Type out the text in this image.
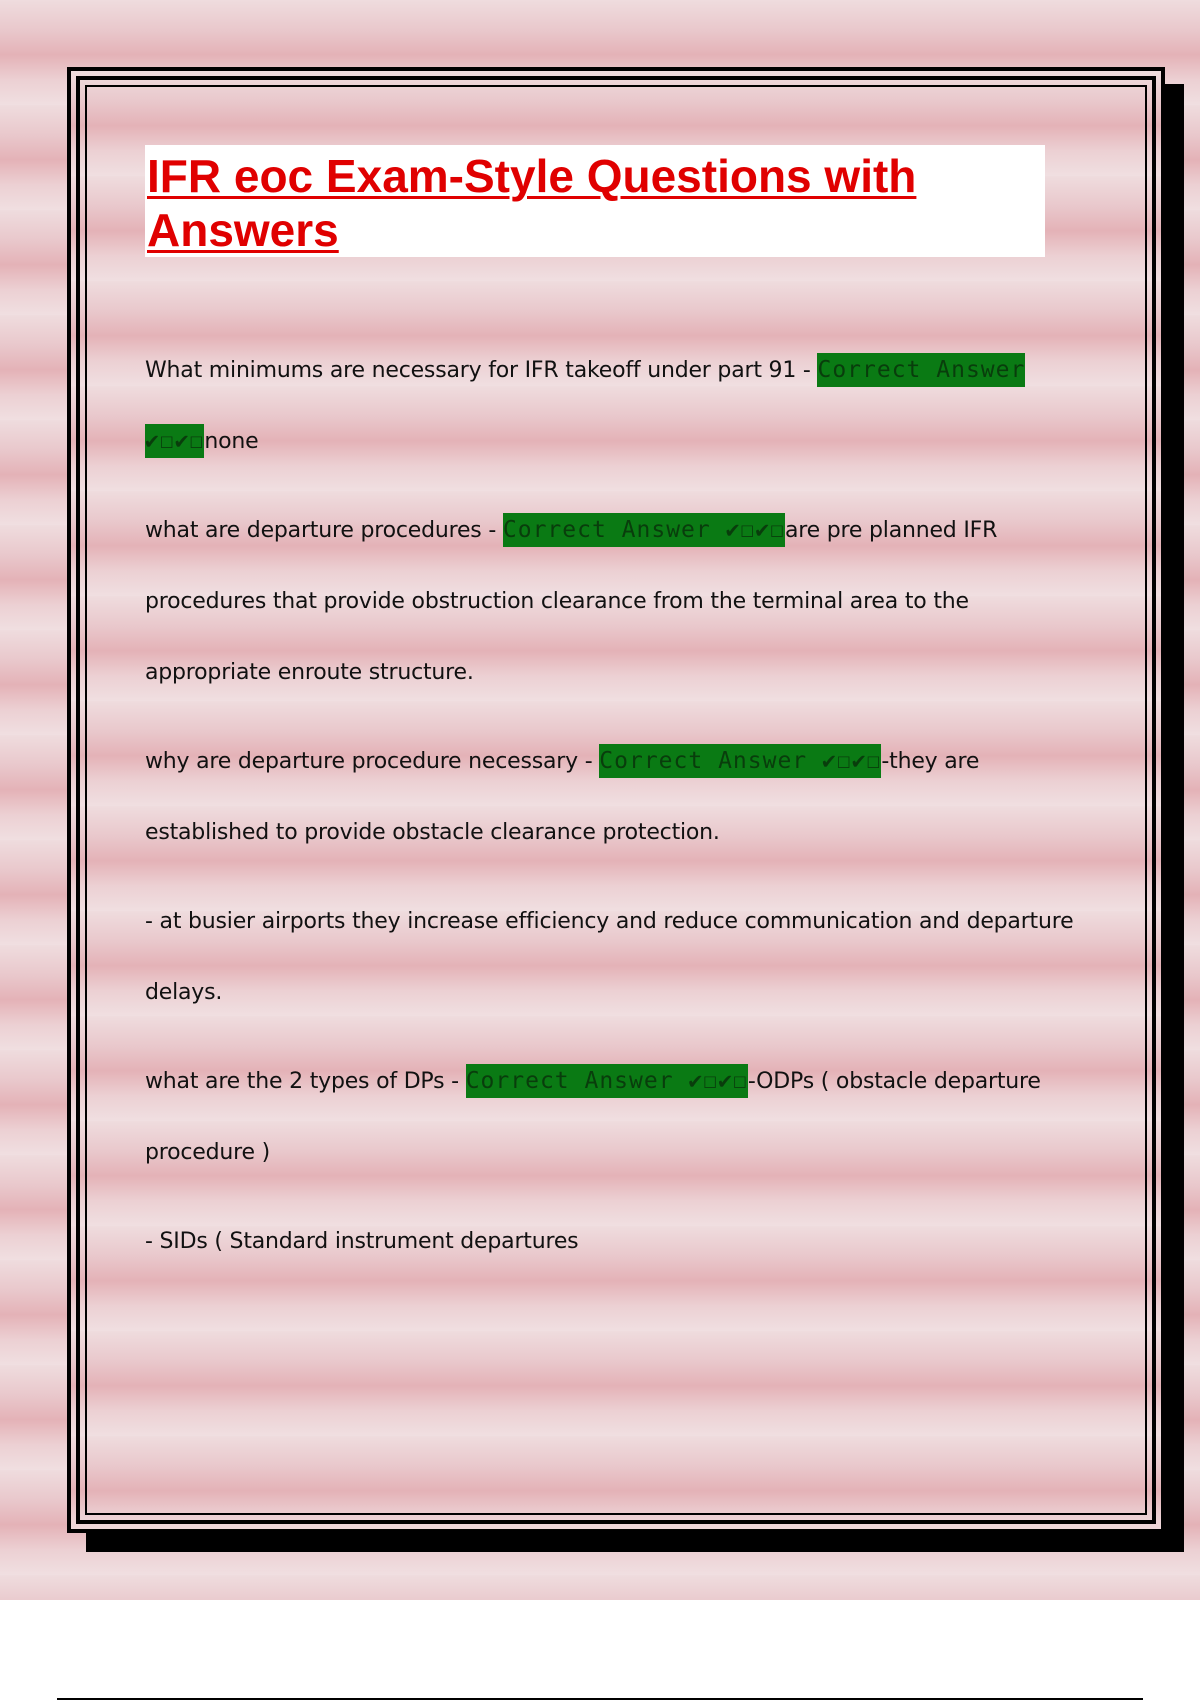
IFR eoc Exam-Style Questions with Answers

What minimums are necessary for IFR takeoff under part 91 - Correct Answer ✔☐✔☐none

what are departure procedures - Correct Answer ✔☐✔☐are pre planned IFR procedures that provide obstruction clearance from the terminal area to the appropriate enroute structure.

why are departure procedure necessary - Correct Answer ✔☐✔☐-they are established to provide obstacle clearance protection.

- at busier airports they increase efficiency and reduce communication and departure delays.

what are the 2 types of DPs - Correct Answer ✔☐✔☐-ODPs ( obstacle departure procedure )

- SIDs ( Standard instrument departures
